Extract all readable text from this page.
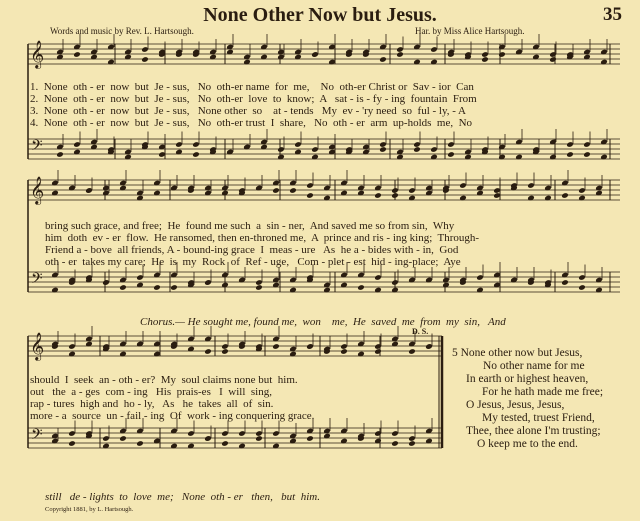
None Other Now but Jesus.	35
Words and music by Rev. L. Hartsough.	Har. by Miss Alice Hartsough.
𝄞
𝄢
𝄞
𝄢
𝄞
𝄢
1.  None  oth - er  now  but  Je - sus,   No  oth-er name  for  me,    No  oth-er Christ or  Sav - ior  Can
2.  None  oth - er  now  but  Je - sus,   No  oth-er  love  to  know;  A   sat - is - fy - ing  fountain  From
3.  None  oth - er  now  but  Je - sus,   None other  so    at - tends   My  ev - 'ry need  so  ful - ly, - A
4.  None  oth - er  now  but  Je - sus,   No  oth-er trust  I  share,   No  oth - er  arm  up-holds  me,  No
bring such grace, and free;  He  found me such  a  sin - ner,  And saved me so from sin,  Why
him  doth  ev - er  flow.  He ransomed, then en-throned me,  A  prince and ris - ing king;  Through-
Friend a - bove  all friends, A - bound-ing grace  I  meas - ure   As  he a - bides with - in,  God
oth - er  takes my care;  He  is  my  Rock  of  Ref - uge,   Com - plet - est  hid - ing-place;  Aye
Chorus.— He sought me, found me,  won    me,  He  saved  me  from  my  sin,   And
D. S.
should  I  seek  an - oth - er?  My  soul claims none but  him.
out   the  a - ges  com - ing   His  prais-es   I  will  sing,
rap - tures  high and  ho - ly,   As   he  takes  all  of  sin.
more - a  source  un - fail - ing  Of  work - ing conquering grace.
still   de - lights  to  love  me;   None  oth - er   then,   but  him.
Copyright 1881, by L. Hartsough.
5 None other now but Jesus,
No other name for me
In earth or highest heaven,
For he hath made me free;
O Jesus, Jesus, Jesus,
My tested, truest Friend,
Thee, thee alone I'm trusting;
O keep me to the end.
